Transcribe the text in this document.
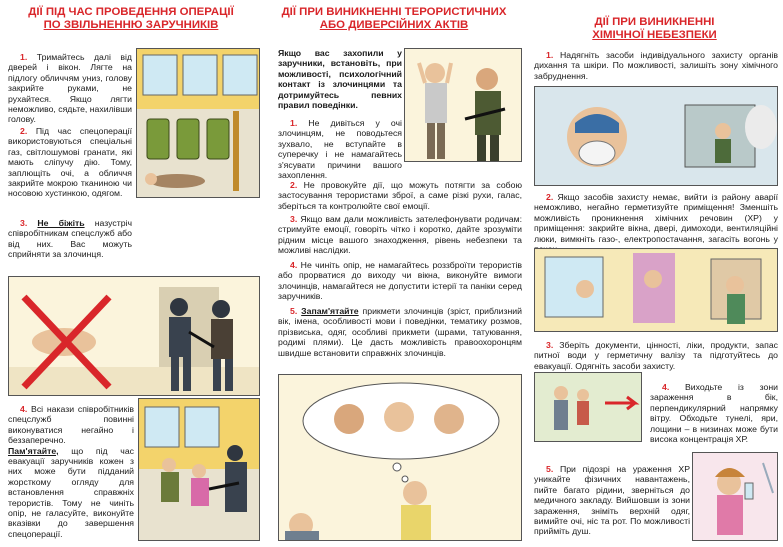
ДІЇ ПІД ЧАС ПРОВЕДЕННЯ ОПЕРАЦІЇ
ПО ЗВІЛЬНЕННЮ ЗАРУЧНИКІВ
1. Тримайтесь далі від дверей і вікон. Лягте на підлогу обличчям униз, голову закрийте руками, не рухайтеся. Якщо лягти неможливо, сядьте, нахилівши голову.
2. Під час спецоперації використовуються спеціальні газ, світлошумові гранати, які мають сліпучу дію. Тому, заплющіть очі, а обличчя закрийте мокрою тканиною чи носовою хустинкою, одягом.
3. Не біжіть назустріч співробітникам спецслужб або від них. Вас можуть сприйняти за злочинця.
4. Всі накази співробітників спецслужб повинні виконуватися негайно і беззаперечно.
Пам'ятайте, що під час евакуації заручників кожен з них може бути підданий жорсткому огляду для встановлення справжніх терористів. Тому не чиніть опір, не галасуйте, виконуйте вказівки до завершення спецоперації.
ДІЇ ПРИ ВИНИКНЕННІ ТЕРОРИСТИЧНИХ
АБО ДИВЕРСІЙНИХ АКТІВ
Якщо вас захопили у заручники, встановіть, при можливості, психологічний контакт із злочинцями та дотримуйтесь певних правил поведінки.
1. Не дивіться у очі злочинцям, не поводьтеся зухвало, не вступайте в суперечку і не намагайтесь з'ясувати причини вашого захоплення.
2. Не провокуйте дії, що можуть потягти за собою застосування терористами зброї, а саме різкі рухи, галас, зберіться та контролюйте свої емоції.
3. Якщо вам дали можливість зателефонувати родичам: стримуйте емоції, говоріть чітко і коротко, дайте зрозуміти рідним місце вашого знаходження, рівень небезпеки та можливі наслідки.
4. Не чиніть опір, не намагайтесь роззброїти терористів або прорватися до виходу чи вікна, виконуйте вимоги злочинців, намагайтеся не допустити істерії та паніки серед заручників.
5. Запам'ятайте прикмети злочинців (зріст, приблизний вік, імена, особливості мови і поведінки, тематику розмов, прізвиська, одяг, особливі прикмети (шрами, татуювання, родимі плями). Це дасть можливість правоохоронцям швидше встановити справжніх злочинців.
ДІЇ ПРИ ВИНИКНЕННІ
ХІМІЧНОЇ НЕБЕЗПЕКИ
1. Надягніть засоби індивідуального захисту органів дихання та шкіри. По можливості, залишіть зону хімічного забруднення.
2. Якщо засобів захисту немає, вийти із району аварії неможливо, негайно герметизуйте приміщення! Зменшіть можливість проникнення хімічних речовин (ХР) у приміщення: закрийте вікна, двері, димоходи, вентиляційні люки, вимкніть газо-, електропостачання, загасіть вогонь у
3. Зберіть документи, цінності, ліки, продукти, запас питної води у герметичну валізу та підготуйтесь до евакуації. Одягніть засоби захисту.
4. Виходьте із зони зараження в бік, перпендикулярний напрямку вітру. Обходьте тунелі, яри, лощини – в низинах може бути висока концентрація ХР.
5. При підозрі на ураження ХР уникайте фізичних навантажень, пийте багато рідини, зверніться до медичного закладу. Вийшовши із зони зараження, зніміть верхній одяг, вимийте очі, ніс та рот. По можливості прийміть душ.
